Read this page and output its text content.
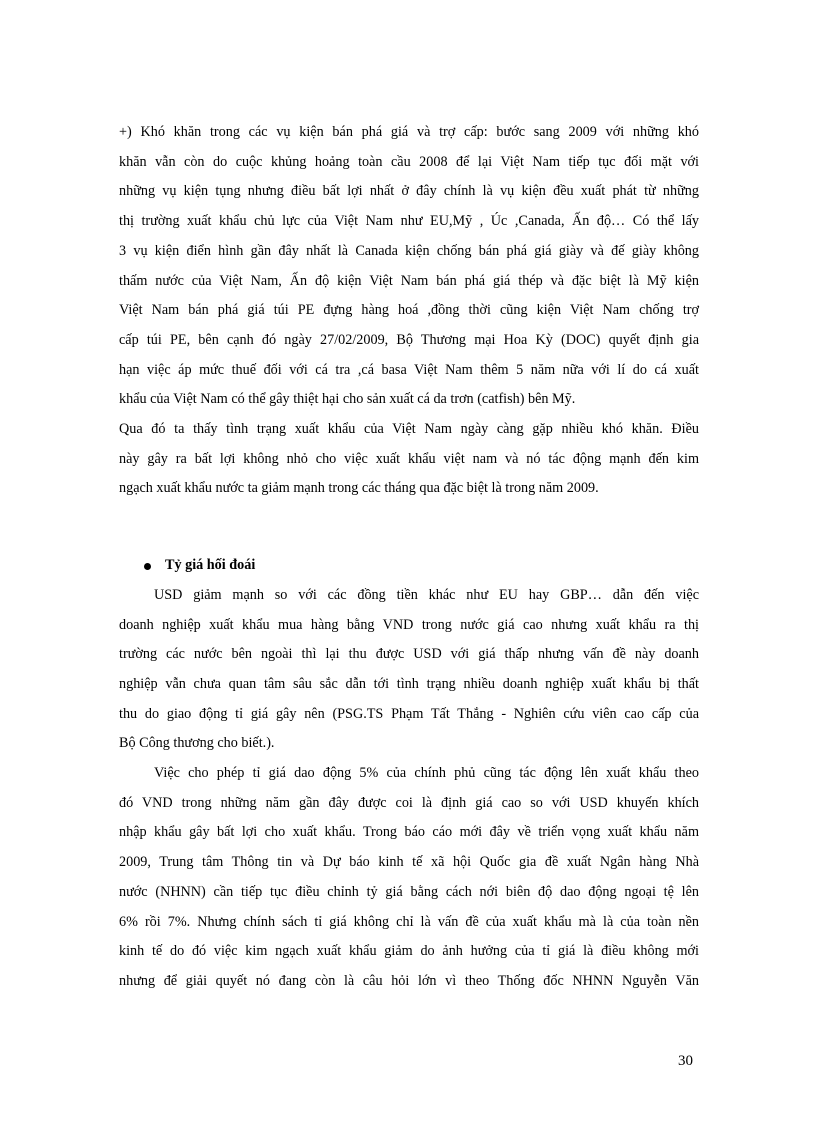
+) Khó khăn trong các vụ kiện bán phá giá và trợ cấp: bước sang 2009 với những khó
khăn vẫn còn do cuộc khủng hoảng toàn cầu 2008 để lại Việt Nam tiếp tục đối mặt với
những vụ kiện tụng nhưng điều bất lợi nhất ở đây chính là vụ kiện đều xuất phát từ những
thị trường xuất khẩu chủ lực của Việt Nam như EU,Mỹ , Úc ,Canada, Ấn độ… Có thể lấy
3 vụ kiện điển hình gần đây nhất là Canada kiện chống bán phá giá giày và đế giày không
thấm nước của Việt Nam, Ấn độ kiện Việt Nam bán phá giá thép và đặc biệt là Mỹ kiện
Việt Nam bán phá giá túi PE đựng hàng hoá ,đồng thời cũng kiện Việt Nam chống trợ
cấp túi PE, bên cạnh đó ngày 27/02/2009, Bộ Thương mại Hoa Kỳ (DOC) quyết định gia
hạn việc áp mức thuế đối với cá tra ,cá basa Việt Nam thêm 5 năm nữa với lí do cá xuất
khẩu của Việt Nam có thể gây thiệt hại cho sản xuất cá da trơn (catfish) bên Mỹ.
Qua đó ta thấy tình trạng xuất khẩu của Việt Nam ngày càng gặp nhiều khó khăn. Điều
này gây ra bất lợi không nhỏ cho việc xuất khẩu việt nam và nó tác động mạnh đến kim
ngạch xuất khẩu nước ta giảm mạnh trong các tháng qua đặc biệt là trong năm 2009.
Tỷ giá hối đoái
USD giảm mạnh so với các đồng tiền khác như EU hay GBP… dẫn đến việc
doanh nghiệp xuất khẩu mua hàng bằng VND trong nước giá cao nhưng xuất khẩu ra thị
trường các nước bên ngoài thì lại thu được USD với giá thấp nhưng vấn đề này doanh
nghiệp vẫn chưa quan tâm sâu sắc dẫn tới tình trạng nhiều doanh nghiệp xuất khẩu bị thất
thu do giao động tỉ giá gây nên (PSG.TS Phạm Tất Thắng - Nghiên cứu viên cao cấp của
Bộ Công thương cho biết.).
Việc cho phép tỉ giá dao động 5% của chính phủ cũng tác động lên xuất khẩu theo
đó VND trong những năm gần đây được coi là định giá cao so với USD khuyến khích
nhập khẩu gây bất lợi cho xuất khẩu. Trong báo cáo mới đây về triển vọng xuất khẩu năm
2009, Trung tâm Thông tin và Dự báo kinh tế xã hội Quốc gia đề xuất Ngân hàng Nhà
nước (NHNN) cần tiếp tục điều chỉnh tỷ giá bằng cách nới biên độ dao động ngoại tệ lên
6% rồi 7%. Nhưng chính sách tỉ giá không chỉ là vấn đề của xuất khẩu mà là của toàn nền
kinh tế do đó việc kim ngạch xuất khẩu giảm do ảnh hưởng của tỉ giá là điều không mới
nhưng để giải quyết nó đang còn là câu hỏi lớn vì theo Thống đốc NHNN Nguyễn Văn
30
